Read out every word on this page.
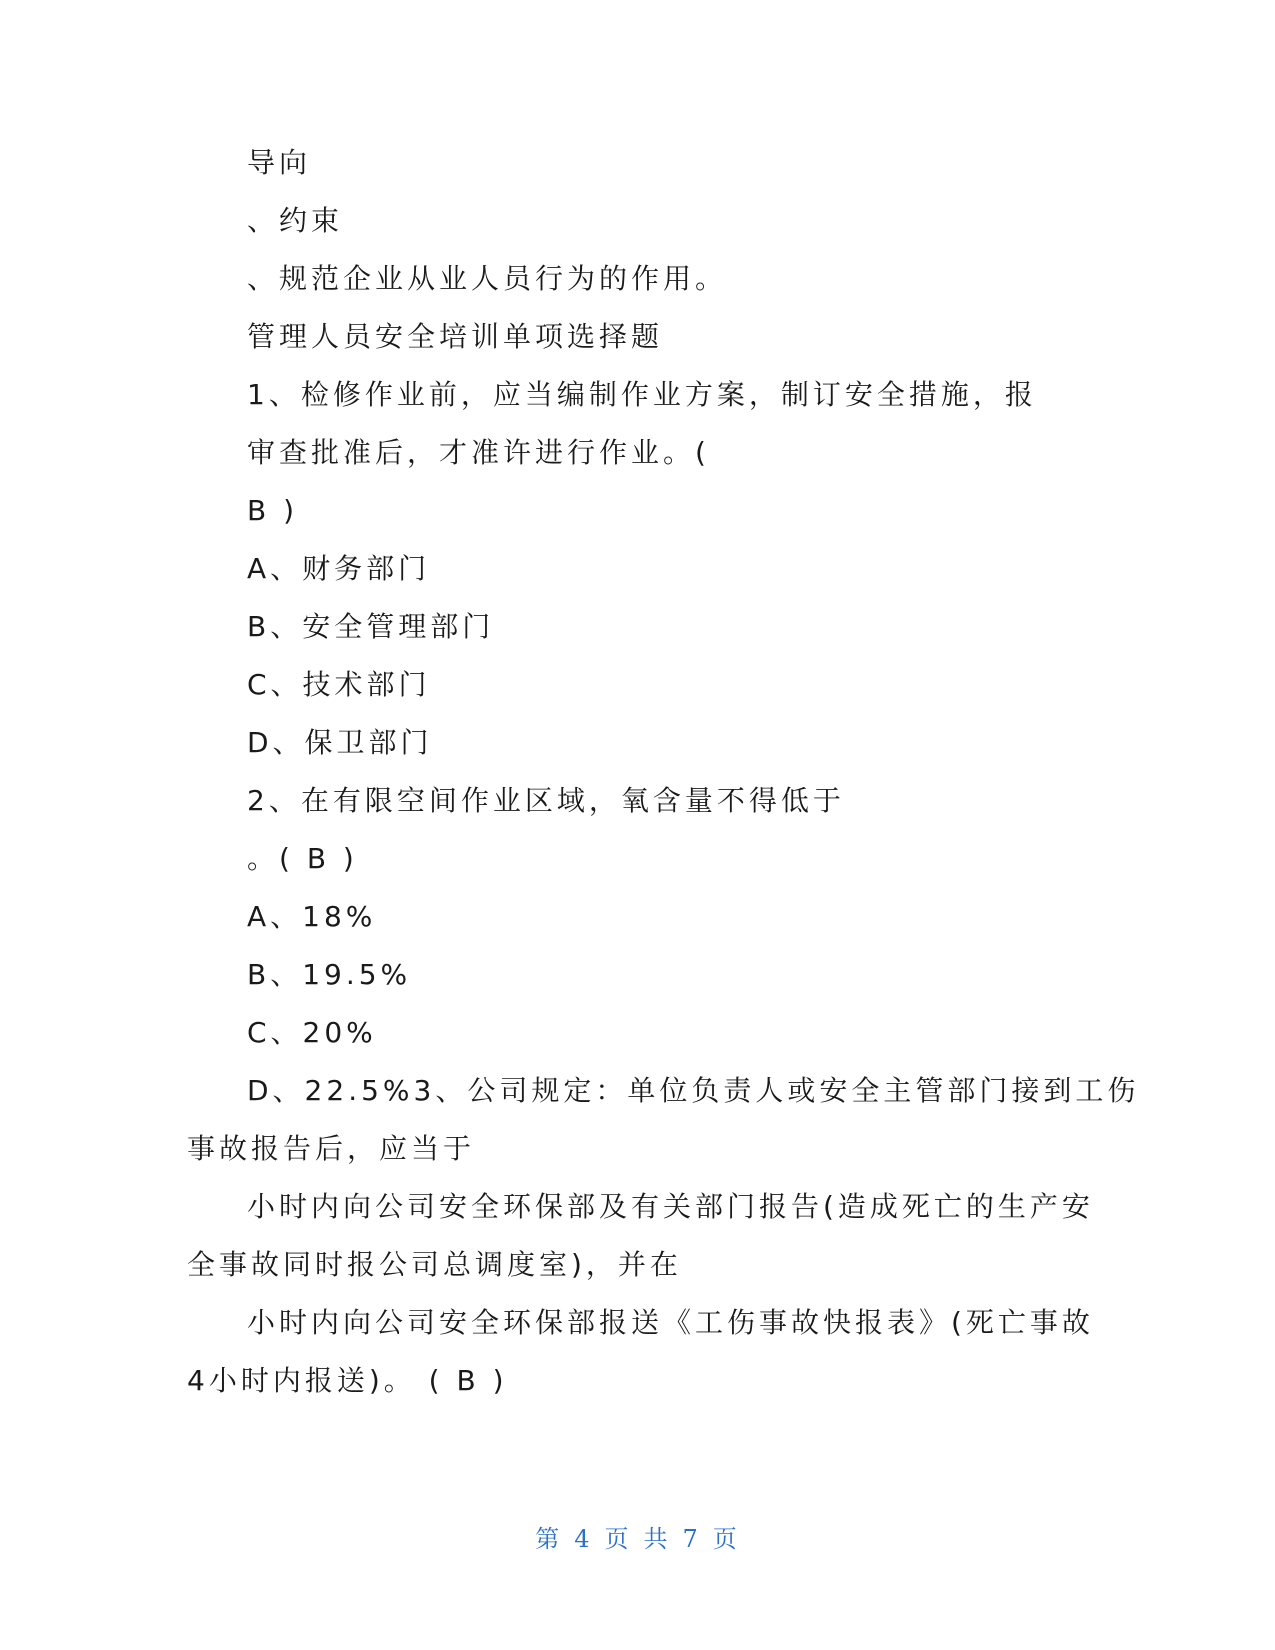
导向
、约束
、规范企业从业人员行为的作用。
管理人员安全培训单项选择题
1、检修作业前，应当编制作业方案，制订安全措施，报
审查批准后，才准许进行作业。(
B )
A、财务部门
B、安全管理部门
C、技术部门
D、保卫部门
2、在有限空间作业区域，氧含量不得低于
。( B )
A、18%
B、19.5%
C、20%
D、22.5%3、公司规定：单位负责人或安全主管部门接到工伤
事故报告后，应当于
小时内向公司安全环保部及有关部门报告(造成死亡的生产安
全事故同时报公司总调度室)，并在
小时内向公司安全环保部报送《工伤事故快报表》(死亡事故
4小时内报送)。 ( B )
第 4 页 共 7 页
